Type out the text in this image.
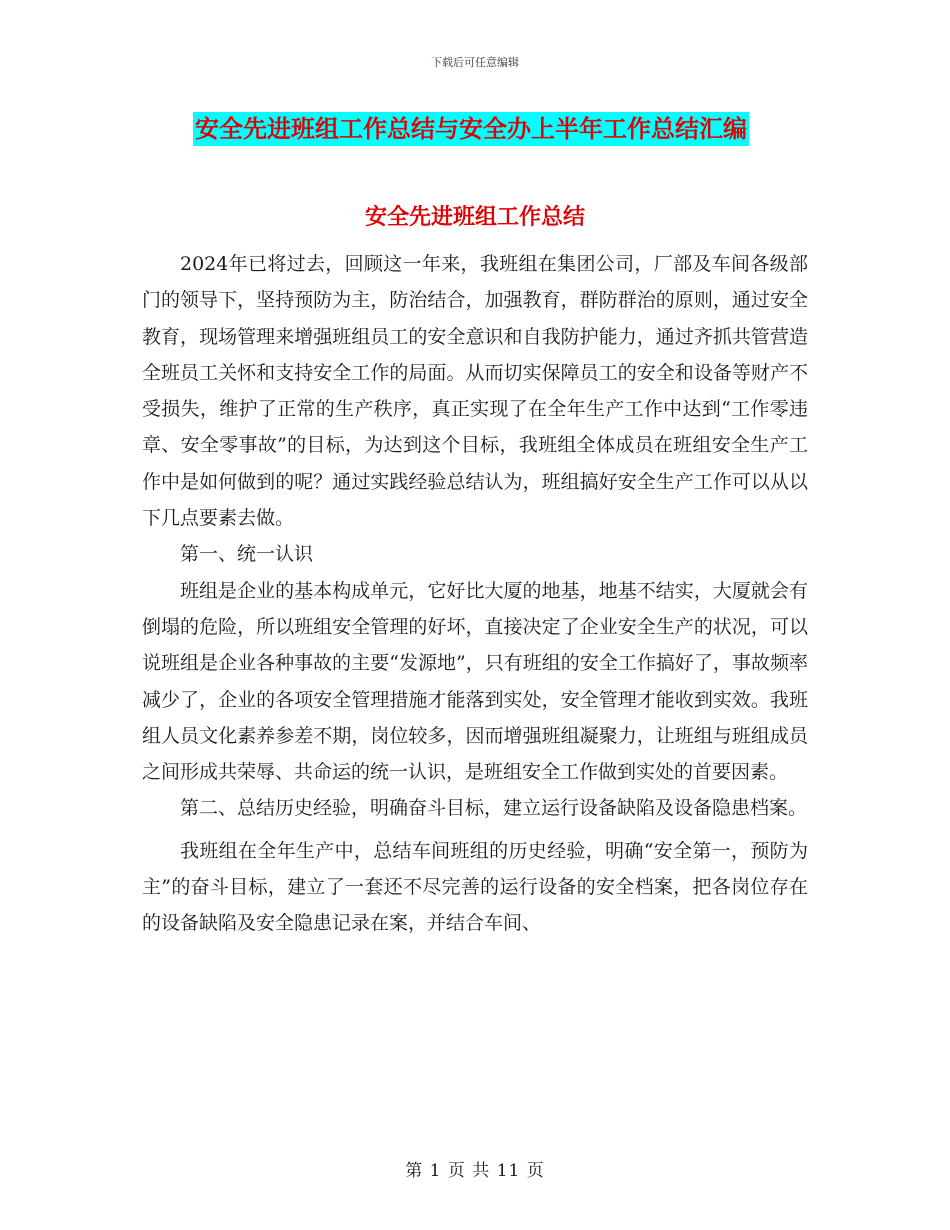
下载后可任意编辑
安全先进班组工作总结与安全办上半年工作总结汇编
安全先进班组工作总结

2024年已将过去，回顾这一年来，我班组在集团公司，厂部及车间各级部门的领导下，坚持预防为主，防治结合，加强教育，群防群治的原则，通过安全教育，现场管理来增强班组员工的安全意识和自我防护能力，通过齐抓共管营造全班员工关怀和支持安全工作的局面。从而切实保障员工的安全和设备等财产不受损失，维护了正常的生产秩序，真正实现了在全年生产工作中达到“工作零违章、安全零事故”的目标，为达到这个目标，我班组全体成员在班组安全生产工作中是如何做到的呢？通过实践经验总结认为，班组搞好安全生产工作可以从以下几点要素去做。

第一、统一认识

班组是企业的基本构成单元，它好比大厦的地基，地基不结实，大厦就会有倒塌的危险，所以班组安全管理的好坏，直接决定了企业安全生产的状况，可以说班组是企业各种事故的主要“发源地”，只有班组的安全工作搞好了，事故频率减少了，企业的各项安全管理措施才能落到实处，安全管理才能收到实效。我班组人员文化素养参差不期，岗位较多，因而增强班组凝聚力，让班组与班组成员之间形成共荣辱、共命运的统一认识，是班组安全工作做到实处的首要因素。

第二、总结历史经验，明确奋斗目标，建立运行设备缺陷及设备隐患档案。

我班组在全年生产中，总结车间班组的历史经验，明确“安全第一，预防为主”的奋斗目标，建立了一套还不尽完善的运行设备的安全档案，把各岗位存在的设备缺陷及安全隐患记录在案，并结合车间、

第 1 页 共 11 页
